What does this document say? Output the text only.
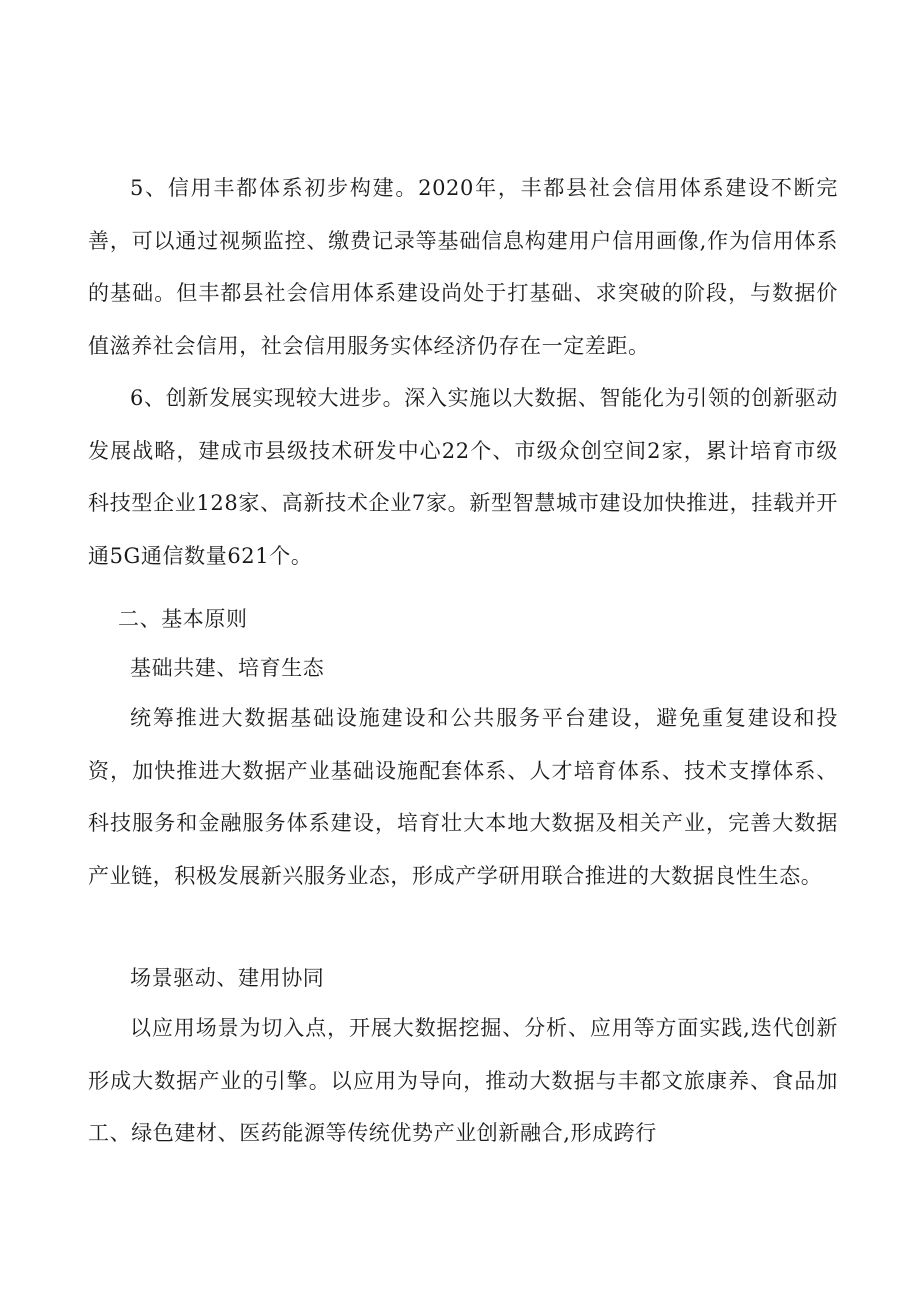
5、信用丰都体系初步构建。2020年，丰都县社会信用体系建设不断完善，可以通过视频监控、缴费记录等基础信息构建用户信用画像,作为信用体系的基础。但丰都县社会信用体系建设尚处于打基础、求突破的阶段，与数据价值滋养社会信用，社会信用服务实体经济仍存在一定差距。

6、创新发展实现较大进步。深入实施以大数据、智能化为引领的创新驱动发展战略，建成市县级技术研发中心22个、市级众创空间2家，累计培育市级科技型企业128家、高新技术企业7家。新型智慧城市建设加快推进，挂载并开通5G通信数量621个。

二、基本原则

基础共建、培育生态

统筹推进大数据基础设施建设和公共服务平台建设，避免重复建设和投资，加快推进大数据产业基础设施配套体系、人才培育体系、技术支撑体系、科技服务和金融服务体系建设，培育壮大本地大数据及相关产业，完善大数据产业链，积极发展新兴服务业态，形成产学研用联合推进的大数据良性生态。

场景驱动、建用协同

以应用场景为切入点，开展大数据挖掘、分析、应用等方面实践,迭代创新形成大数据产业的引擎。以应用为导向，推动大数据与丰都文旅康养、食品加工、绿色建材、医药能源等传统优势产业创新融合,形成跨行
